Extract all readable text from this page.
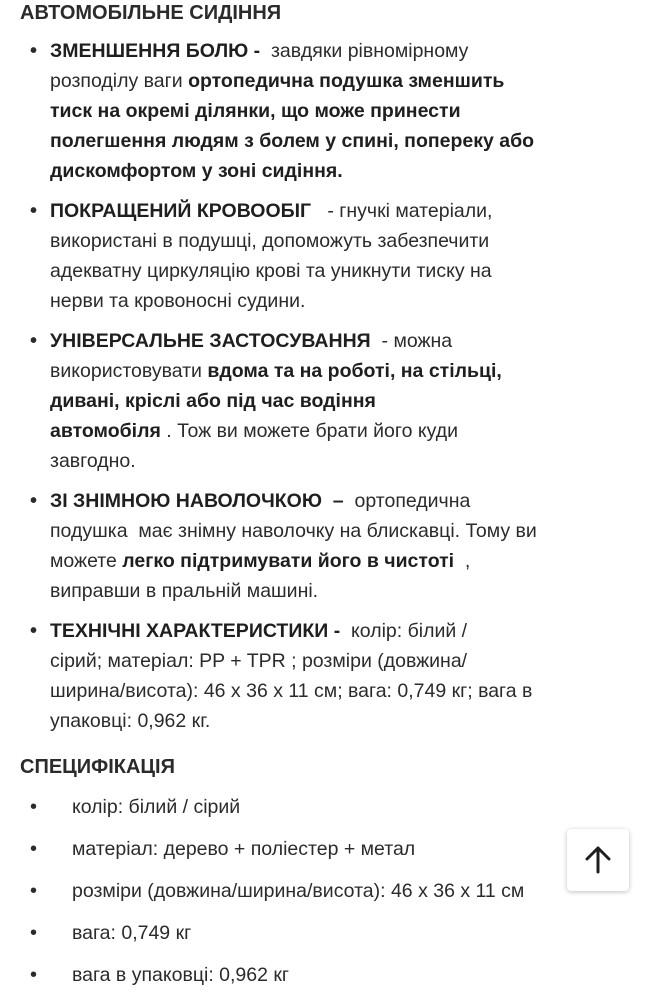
АВТОМОБІЛЬНЕ СИДІННЯ
• ЗМЕНШЕННЯ БОЛЮ -  завдяки рівномірному
розподілу ваги ортопедична подушка зменшить
тиск на окремі ділянки, що може принести
полегшення людям з болем у спині, попереку або
дискомфортом у зоні сидіння.
• ПОКРАЩЕНИЙ КРОВООБІГ   - гнучкі матеріали,
використані в подушці, допоможуть забезпечити
адекватну циркуляцію крові та уникнути тиску на
нерви та кровоносні судини.
• УНІВЕРСАЛЬНЕ ЗАСТОСУВАННЯ  - можна
використовувати вдома та на роботі, на стільці,
дивані, кріслі або під час водіння
автомобіля . Тож ви можете брати його куди
завгодно.
• ЗІ ЗНІМНОЮ НАВОЛОЧКОЮ  –  ортопедична
подушка  має знімну наволочку на блискавці. Тому ви
можете легко підтримувати його в чистоті  ,
виправши в пральній машині.
• ТЕХНІЧНІ ХАРАКТЕРИСТИКИ -  колір: білий /
сірий; матеріал: PP + TPR ; розміри (довжина/
ширина/висота): 46 x 36 x 11 см; вага: 0,749 кг; вага в
упаковці: 0,962 кг.
СПЕЦИФІКАЦІЯ
• колір: білий / сірий
• матеріал: дерево + поліестер + метал
• розміри (довжина/ширина/висота): 46 x 36 x 11 см
• вага: 0,749 кг
• вага в упаковці: 0,962 кг
